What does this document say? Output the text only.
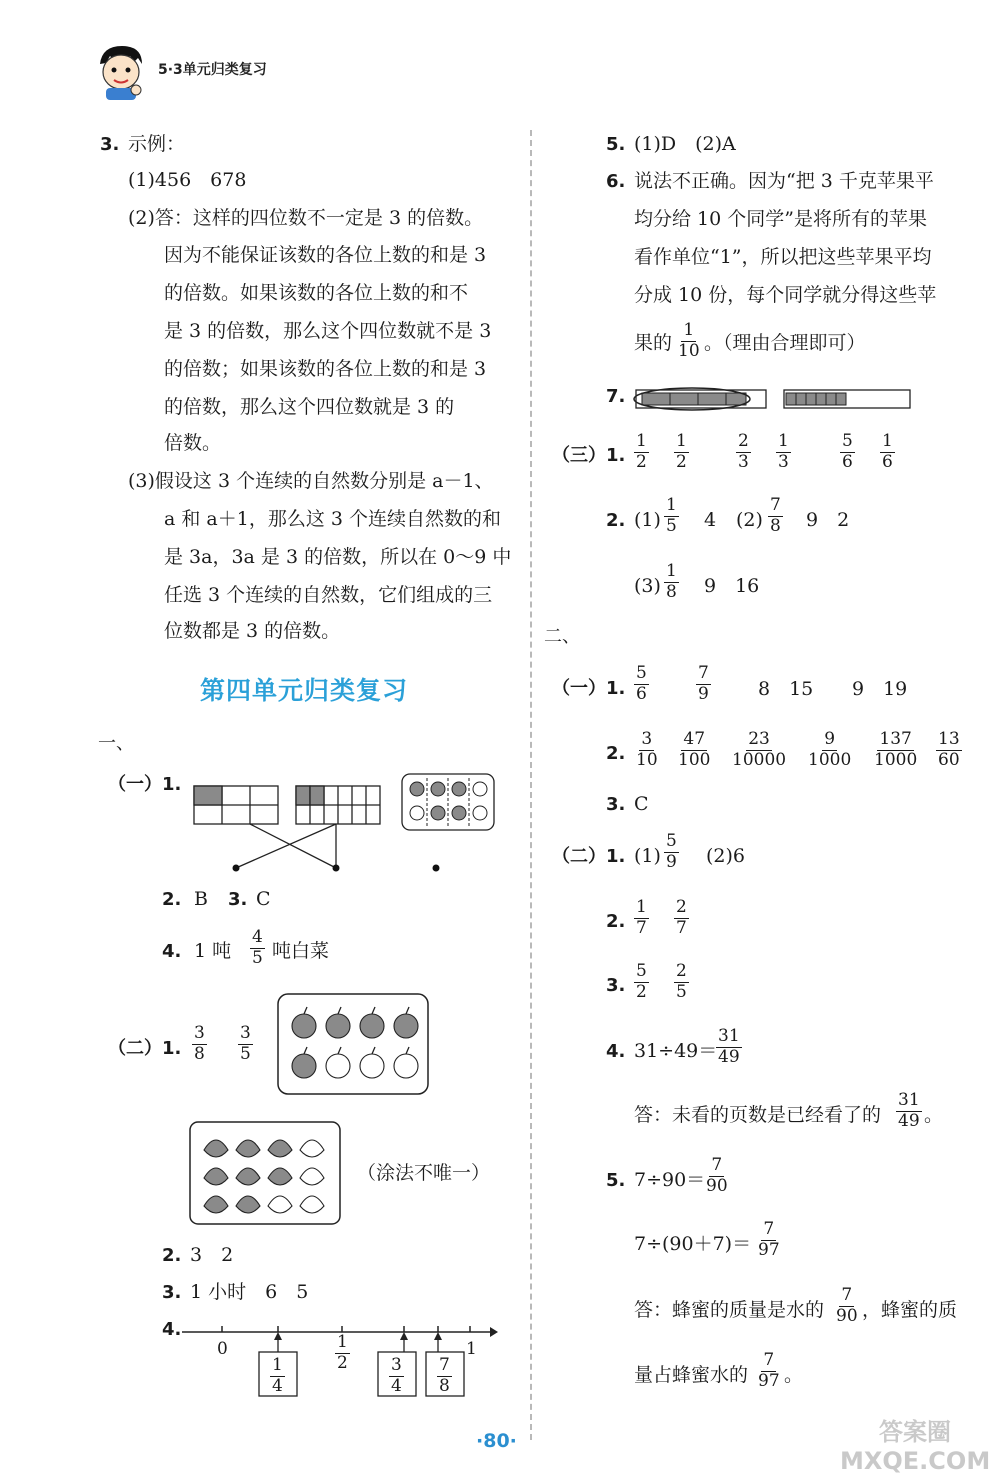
5·3单元归类复习
3. 示例：
(1)456　678
(2)答：这样的四位数不一定是 3 的倍数。
因为不能保证该数的各位上数的和是 3
的倍数。如果该数的各位上数的和不
是 3 的倍数，那么这个四位数就不是 3
的倍数；如果该数的各位上数的和是 3
的倍数，那么这个四位数就是 3 的
倍数。
(3)假设这 3 个连续的自然数分别是 a－1、
a 和 a＋1，那么这 3 个连续自然数的和
是 3a，3a 是 3 的倍数，所以在 0～9 中
任选 3 个连续的自然数，它们组成的三
位数都是 3 的倍数。
第四单元归类复习
一、
（一）1.
2. B 3. C
4. 1 吨 $\frac{4}{5}$ 吨白菜
（二）1. $\frac{3}{8} \frac{3}{5}$
（涂法不唯一）
2. 3　2
3. 1 小时　6　5
4.
0	$\frac{1}{2}$	1
$\frac{1}{4}$	$\frac{3}{4} \frac{7}{8}$
5. (1)D　(2)A
6. 说法不正确。因为“把 3 千克苹果平
均分给 10 个同学”是将所有的苹果
看作单位“1”，所以把这些苹果平均
分成 10 份，每个同学就分得这些苹
果的 $\frac{1}{10}$ 。（理由合理即可）
7.
（三）1. $\frac{1}{2} \frac{1}{2}$	$\frac{2}{3} \frac{1}{3}$	$\frac{5}{6} \frac{1}{6}$
2. $(1) \frac{1}{5} 4$ $(2) \frac{7}{8} 9$　2
$(3) \frac{1}{8} 9$　16
二、
（一）1. $\frac{5}{6}$	$\frac{7}{9} 8$　15 9　19
2. $\frac{3}{10} \frac{47}{100} \frac{23}{10000} \frac{9}{1000} \frac{137}{1000} \frac{13}{60}$
3. C
（二）1. $(1) \frac{5}{9} (2)6$
2. $\frac{1}{7} \frac{2}{7}$
3. $\frac{5}{2} \frac{2}{5}$
4. 31÷49＝
$\frac{31}{49}$
答：未看的页数是已经看了的 $\frac{31}{49}$ 。
5. 7÷90＝
$\frac{7}{90}$
$7\div(90+7)= \frac{7}{97}$
答：蜂蜜的质量是水的 $\frac{7}{90}$ ，蜂蜜的质
量占蜂蜜水的 $\frac{7}{97}$ 。
·80·	答案圈 MXQE.COM
